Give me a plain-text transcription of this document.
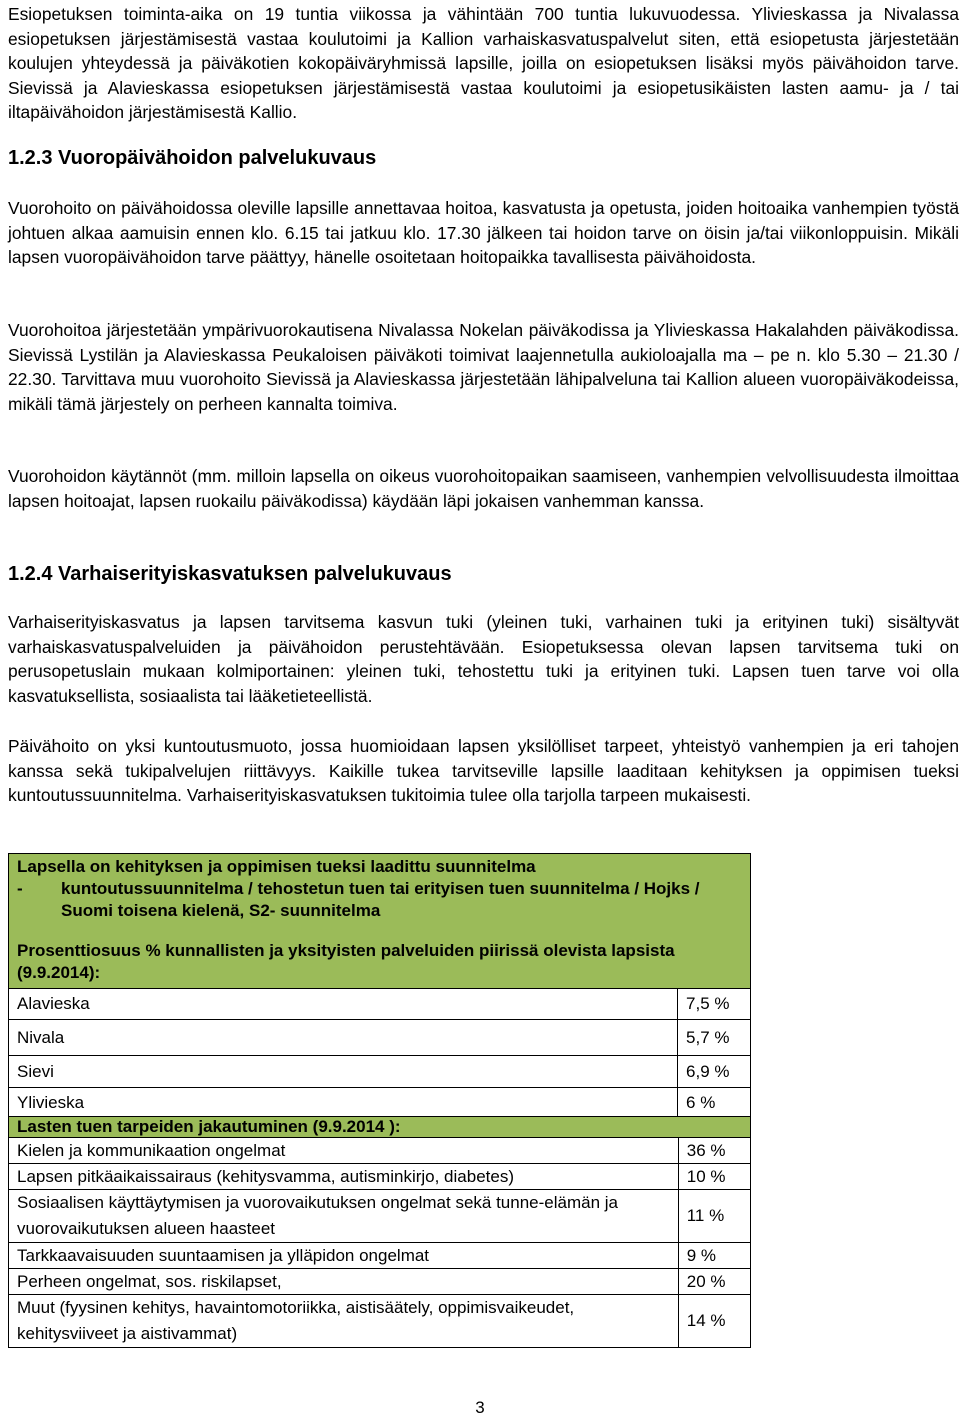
Esiopetuksen toiminta-aika on 19 tuntia viikossa ja vähintään 700 tuntia lukuvuodessa. Ylivieskassa ja Nivalassa esiopetuksen järjestämisestä vastaa koulutoimi ja Kallion varhaiskasvatuspalvelut siten, että esiopetusta järjestetään koulujen yhteydessä ja päiväkotien kokopäiväryhmissä lapsille, joilla on esiopetuksen lisäksi myös päivähoidon tarve. Sievissä ja Alavieskassa esiopetuksen järjestämisestä vastaa koulutoimi ja esiopetusikäisten lasten aamu- ja / tai iltapäivähoidon järjestämisestä Kallio.

1.2.3 Vuoropäivähoidon palvelukuvaus

Vuorohoito on päivähoidossa oleville lapsille annettavaa hoitoa, kasvatusta ja opetusta, joiden hoitoaika vanhempien työstä johtuen alkaa aamuisin ennen klo. 6.15 tai jatkuu klo. 17.30 jälkeen tai hoidon tarve on öisin ja/tai viikonloppuisin. Mikäli lapsen vuoropäivähoidon tarve päättyy, hänelle osoitetaan hoitopaikka tavallisesta päivähoidosta.

Vuorohoitoa järjestetään ympärivuorokautisena Nivalassa Nokelan päiväkodissa ja Ylivieskassa Hakalahden päiväkodissa. Sievissä Lystilän ja Alavieskassa Peukaloisen päiväkoti toimivat laajennetulla aukioloajalla ma – pe n. klo 5.30 – 21.30 / 22.30. Tarvittava muu vuorohoito Sievissä ja Alavieskassa järjestetään lähipalveluna tai Kallion alueen vuoropäiväkodeissa, mikäli tämä järjestely on perheen kannalta toimiva.

Vuorohoidon käytännöt (mm. milloin lapsella on oikeus vuorohoitopaikan saamiseen, vanhempien velvollisuudesta ilmoittaa lapsen hoitoajat, lapsen ruokailu päiväkodissa) käydään läpi jokaisen vanhemman kanssa.

1.2.4 Varhaiserityiskasvatuksen palvelukuvaus

Varhaiserityiskasvatus ja lapsen tarvitsema kasvun tuki (yleinen tuki, varhainen tuki ja erityinen tuki) sisältyvät varhaiskasvatuspalveluiden ja päivähoidon perustehtävään. Esiopetuksessa olevan lapsen tarvitsema tuki on perusopetuslain mukaan kolmiportainen: yleinen tuki, tehostettu tuki ja erityinen tuki. Lapsen tuen tarve voi olla kasvatuksellista, sosiaalista tai lääketieteellistä.

Päivähoito on yksi kuntoutusmuoto, jossa huomioidaan lapsen yksilölliset tarpeet, yhteistyö vanhempien ja eri tahojen kanssa sekä tukipalvelujen riittävyys. Kaikille tukea tarvitseville lapsille laaditaan kehityksen ja oppimisen tueksi kuntoutussuunnitelma. Varhaiserityiskasvatuksen tukitoimia tulee olla tarjolla tarpeen mukaisesti.

Lapsella on kehityksen ja oppimisen tueksi laadittu suunnitelma
- kuntoutussuunnitelma / tehostetun tuen tai erityisen tuen suunnitelma / Hojks / Suomi toisena kielenä, S2- suunnitelma
Prosenttiosuus % kunnallisten ja yksityisten palveluiden piirissä olevista lapsista (9.9.2014):	

Alavieska	7,5 %
Nivala	5,7 %
Sievi	6,9 %
Ylivieska	6 %
Lasten tuen tarpeiden jakautuminen (9.9.2014 ):	
Kielen ja kommunikaation ongelmat	36 %
Lapsen pitkäaikaissairaus (kehitysvamma, autisminkirjo, diabetes)	10 %

Sosiaalisen käyttäytymisen ja vuorovaikutuksen ongelmat sekä tunne-elämän ja vuorovaikutuksen alueen haasteet	11 %
Tarkkaavaisuuden suuntaamisen ja ylläpidon ongelmat	9 %
Perheen ongelmat, sos. riskilapset,	20 %

Muut (fyysinen kehitys, havaintomotoriikka, aistisäätely, oppimisvaikeudet, kehitysviiveet ja aistivammat)	14 %
3
